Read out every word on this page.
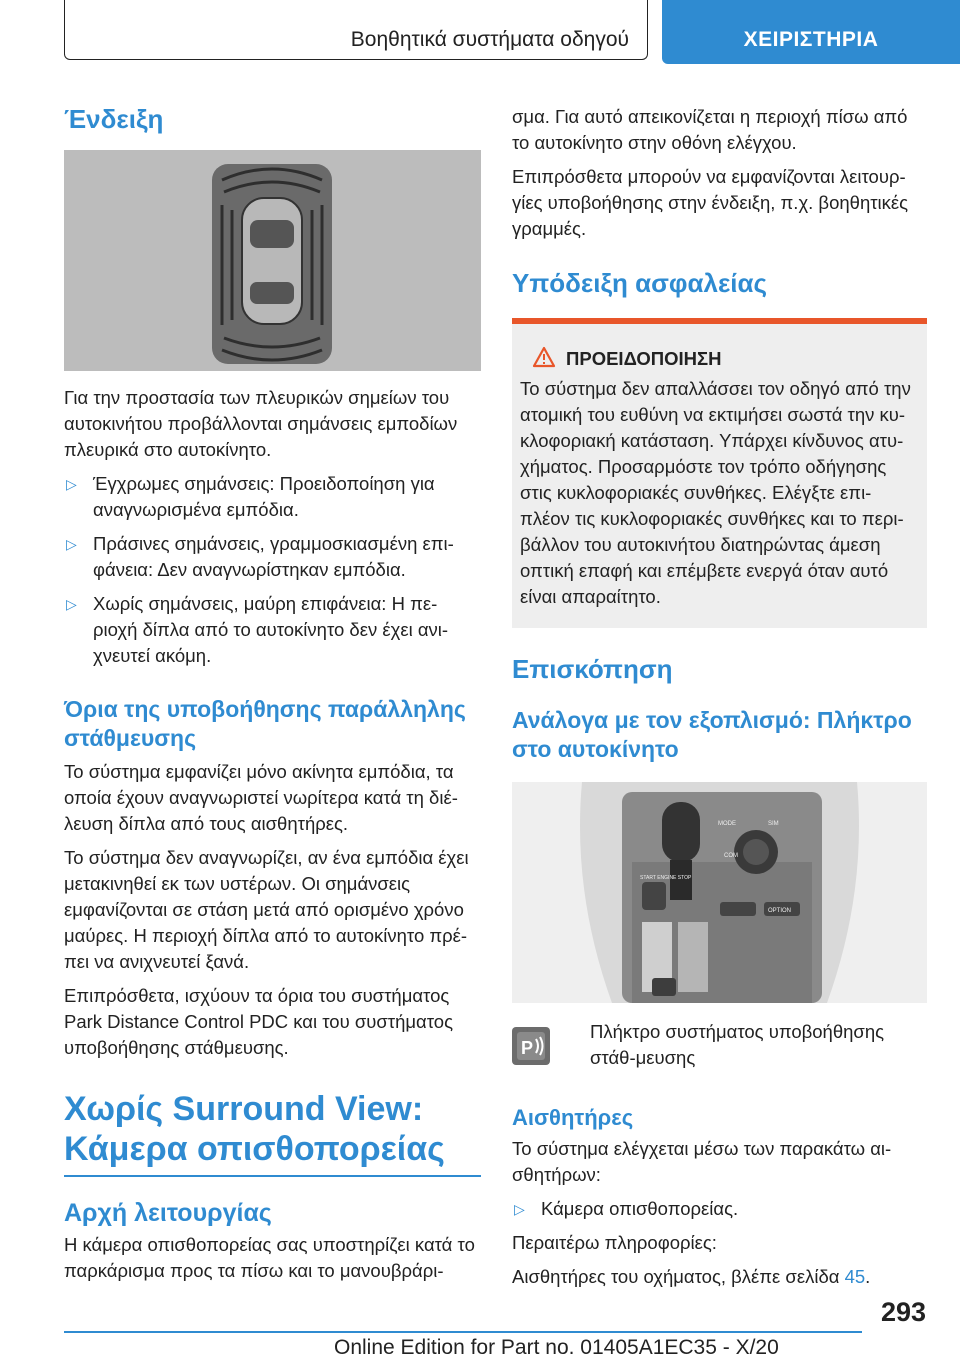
Βοηθητικά συστήματα οδηγού	ΧΕΙΡΙΣΤΗΡΙΑ
Ένδειξη

Για την προστασία των πλευρικών σημείων του αυτοκινήτου προβάλλονται σημάνσεις εμποδίων πλευρικά στο αυτοκίνητο.

▷ Έγχρωμες σημάνσεις: Προειδοποίηση για αναγνωρισμένα εμπόδια.
▷ Πράσινες σημάνσεις, γραμμοσκιασμένη επι-φάνεια: Δεν αναγνωρίστηκαν εμπόδια.
▷ Χωρίς σημάνσεις, μαύρη επιφάνεια: Η πε-ριοχή δίπλα από το αυτοκίνητο δεν έχει ανι-χνευτεί ακόμη.
Όρια της υποβοήθησης παράλληλης στάθμευσης

Το σύστημα εμφανίζει μόνο ακίνητα εμπόδια, τα οποία έχουν αναγνωριστεί νωρίτερα κατά τη διέ-λευση δίπλα από τους αισθητήρες.

Το σύστημα δεν αναγνωρίζει, αν ένα εμπόδια έχει μετακινηθεί εκ των υστέρων. Οι σημάνσεις εμφανίζονται σε στάση μετά από ορισμένο χρόνο μαύρες. Η περιοχή δίπλα από το αυτοκίνητο πρέ-πει να ανιχνευτεί ξανά.

Επιπρόσθετα, ισχύουν τα όρια του συστήματος Park Distance Control PDC και του συστήματος υποβοήθησης στάθμευσης.

Χωρίς Surround View: Κάμερα οπισθοπορείας
Αρχή λειτουργίας

Η κάμερα οπισθοπορείας σας υποστηρίζει κατά το παρκάρισμα προς τα πίσω και το μανουβράρι-

σμα. Για αυτό απεικονίζεται η περιοχή πίσω από το αυτοκίνητο στην οθόνη ελέγχου.

Επιπρόσθετα μπορούν να εμφανίζονται λειτουρ-γίες υποβοήθησης στην ένδειξη, π.χ. βοηθητικές γραμμές.

Υπόδειξη ασφαλείας
ΠΡΟΕΙΔΟΠΟΙΗΣΗ
Το σύστημα δεν απαλλάσσει τον οδηγό από την ατομική του ευθύνη να εκτιμήσει σωστά την κυ-κλοφοριακή κατάσταση. Υπάρχει κίνδυνος ατυ-χήματος. Προσαρμόστε τον τρόπο οδήγησης στις κυκλοφοριακές συνθήκες. Ελέγξτε επι-πλέον τις κυκλοφοριακές συνθήκες και το περι-βάλλον του αυτοκινήτου διατηρώντας άμεση οπτική επαφή και επέμβετε ενεργά όταν αυτό είναι απαραίτητο.
Επισκόπηση
Ανάλογα με τον εξοπλισμό: Πλήκτρο στο αυτοκίνητο
MODE	SIM
COM
START ENGINE STOP
OPTION
P
Πλήκτρο συστήματος υποβοήθησης στάθ-μευσης
Αισθητήρες

Το σύστημα ελέγχεται μέσω των παρακάτω αι-σθητήρων:

▷ Κάμερα οπισθοπορείας.

Περαιτέρω πληροφορίες:

Αισθητήρες του οχήματος, βλέπε σελίδα 45.

293
Online Edition for Part no. 01405A1EC35 - X/20
